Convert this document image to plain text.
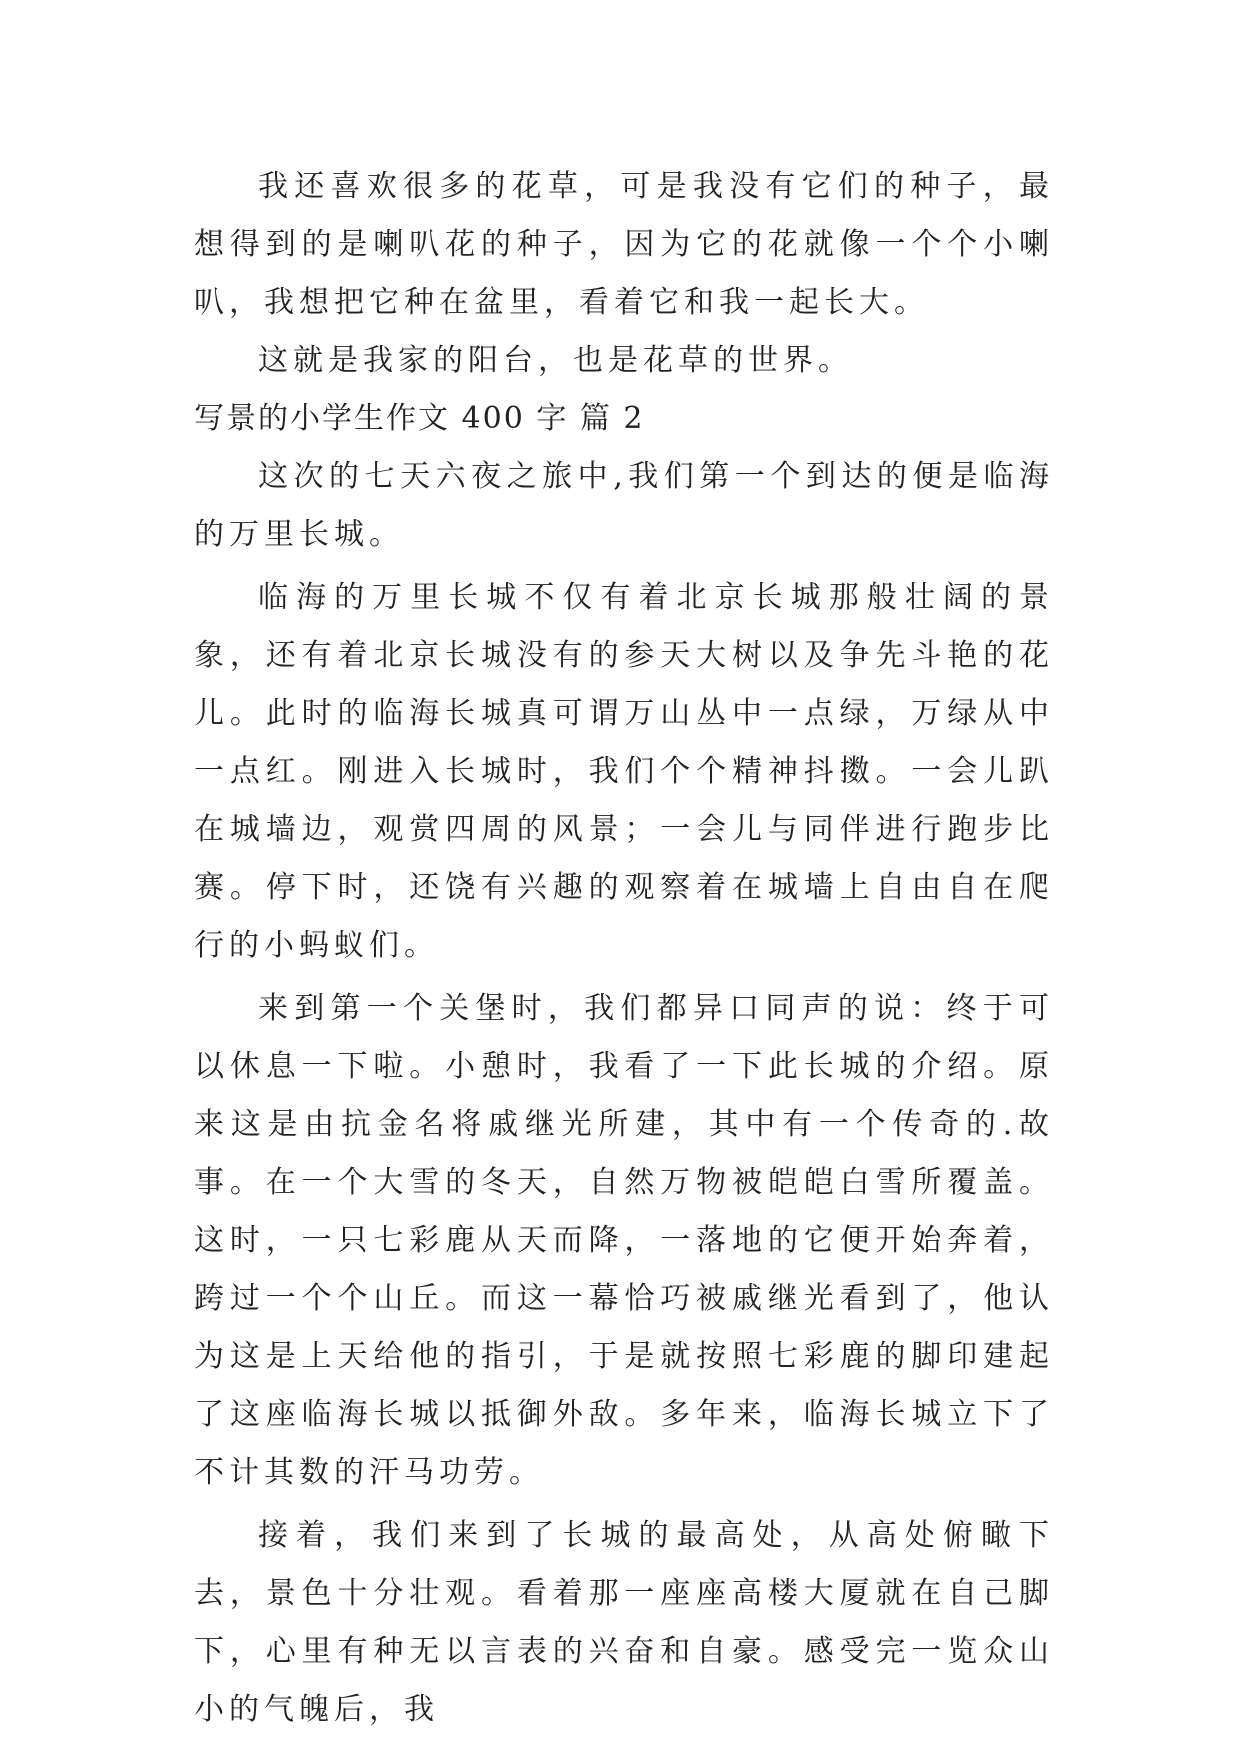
我还喜欢很多的花草，可是我没有它们的种子，最想得到的是喇叭花的种子，因为它的花就像一个个小喇叭，我想把它种在盆里，看着它和我一起长大。

这就是我家的阳台，也是花草的世界。

写景的小学生作文 400 字 篇 2

这次的七天六夜之旅中,我们第一个到达的便是临海的万里长城。

临海的万里长城不仅有着北京长城那般壮阔的景象，还有着北京长城没有的参天大树以及争先斗艳的花儿。此时的临海长城真可谓万山丛中一点绿，万绿从中一点红。刚进入长城时，我们个个精神抖擞。一会儿趴在城墙边，观赏四周的风景；一会儿与同伴进行跑步比赛。停下时，还饶有兴趣的观察着在城墙上自由自在爬行的小蚂蚁们。

来到第一个关堡时，我们都异口同声的说：终于可以休息一下啦。小憩时，我看了一下此长城的介绍。原来这是由抗金名将戚继光所建，其中有一个传奇的.故事。在一个大雪的冬天，自然万物被皑皑白雪所覆盖。这时，一只七彩鹿从天而降，一落地的它便开始奔着，跨过一个个山丘。而这一幕恰巧被戚继光看到了，他认为这是上天给他的指引，于是就按照七彩鹿的脚印建起了这座临海长城以抵御外敌。多年来，临海长城立下了不计其数的汗马功劳。

接着，我们来到了长城的最高处，从高处俯瞰下去，景色十分壮观。看着那一座座高楼大厦就在自己脚下，心里有种无以言表的兴奋和自豪。感受完一览众山小的气魄后，我
